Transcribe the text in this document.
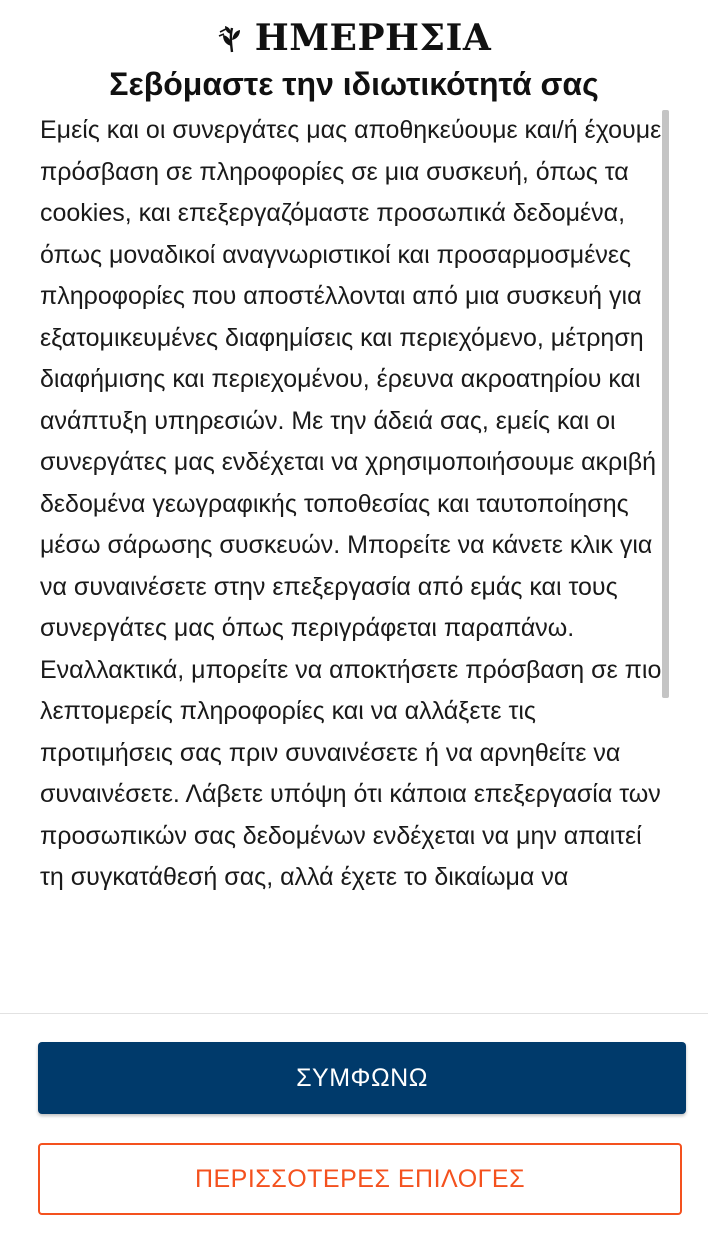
ΗΜΕΡΗΣΙΑ
Σεβόμαστε την ιδιωτικότητά σας

Εμείς και οι συνεργάτες μας αποθηκεύουμε και/ή έχουμε πρόσβαση σε πληροφορίες σε μια συσκευή, όπως τα cookies, και επεξεργαζόμαστε προσωπικά δεδομένα, όπως μοναδικοί αναγνωριστικοί και προσαρμοσμένες πληροφορίες που αποστέλλονται από μια συσκευή για εξατομικευμένες διαφημίσεις και περιεχόμενο, μέτρηση διαφήμισης και περιεχομένου, έρευνα ακροατηρίου και ανάπτυξη υπηρεσιών. Με την άδειά σας, εμείς και οι συνεργάτες μας ενδέχεται να χρησιμοποιήσουμε ακριβή δεδομένα γεωγραφικής τοποθεσίας και ταυτοποίησης μέσω σάρωσης συσκευών. Μπορείτε να κάνετε κλικ για να συναινέσετε στην επεξεργασία από εμάς και τους συνεργάτες μας όπως περιγράφεται παραπάνω. Εναλλακτικά, μπορείτε να αποκτήσετε πρόσβαση σε πιο λεπτομερείς πληροφορίες και να αλλάξετε τις προτιμήσεις σας πριν συναινέσετε ή να αρνηθείτε να συναινέσετε. Λάβετε υπόψη ότι κάποια επεξεργασία των προσωπικών σας δεδομένων ενδέχεται να μην απαιτεί τη συγκατάθεσή σας, αλλά έχετε το δικαίωμα να

ΣΥΜΦΩΝΩ
ΠΕΡΙΣΣΟΤΕΡΕΣ ΕΠΙΛΟΓΕΣ
